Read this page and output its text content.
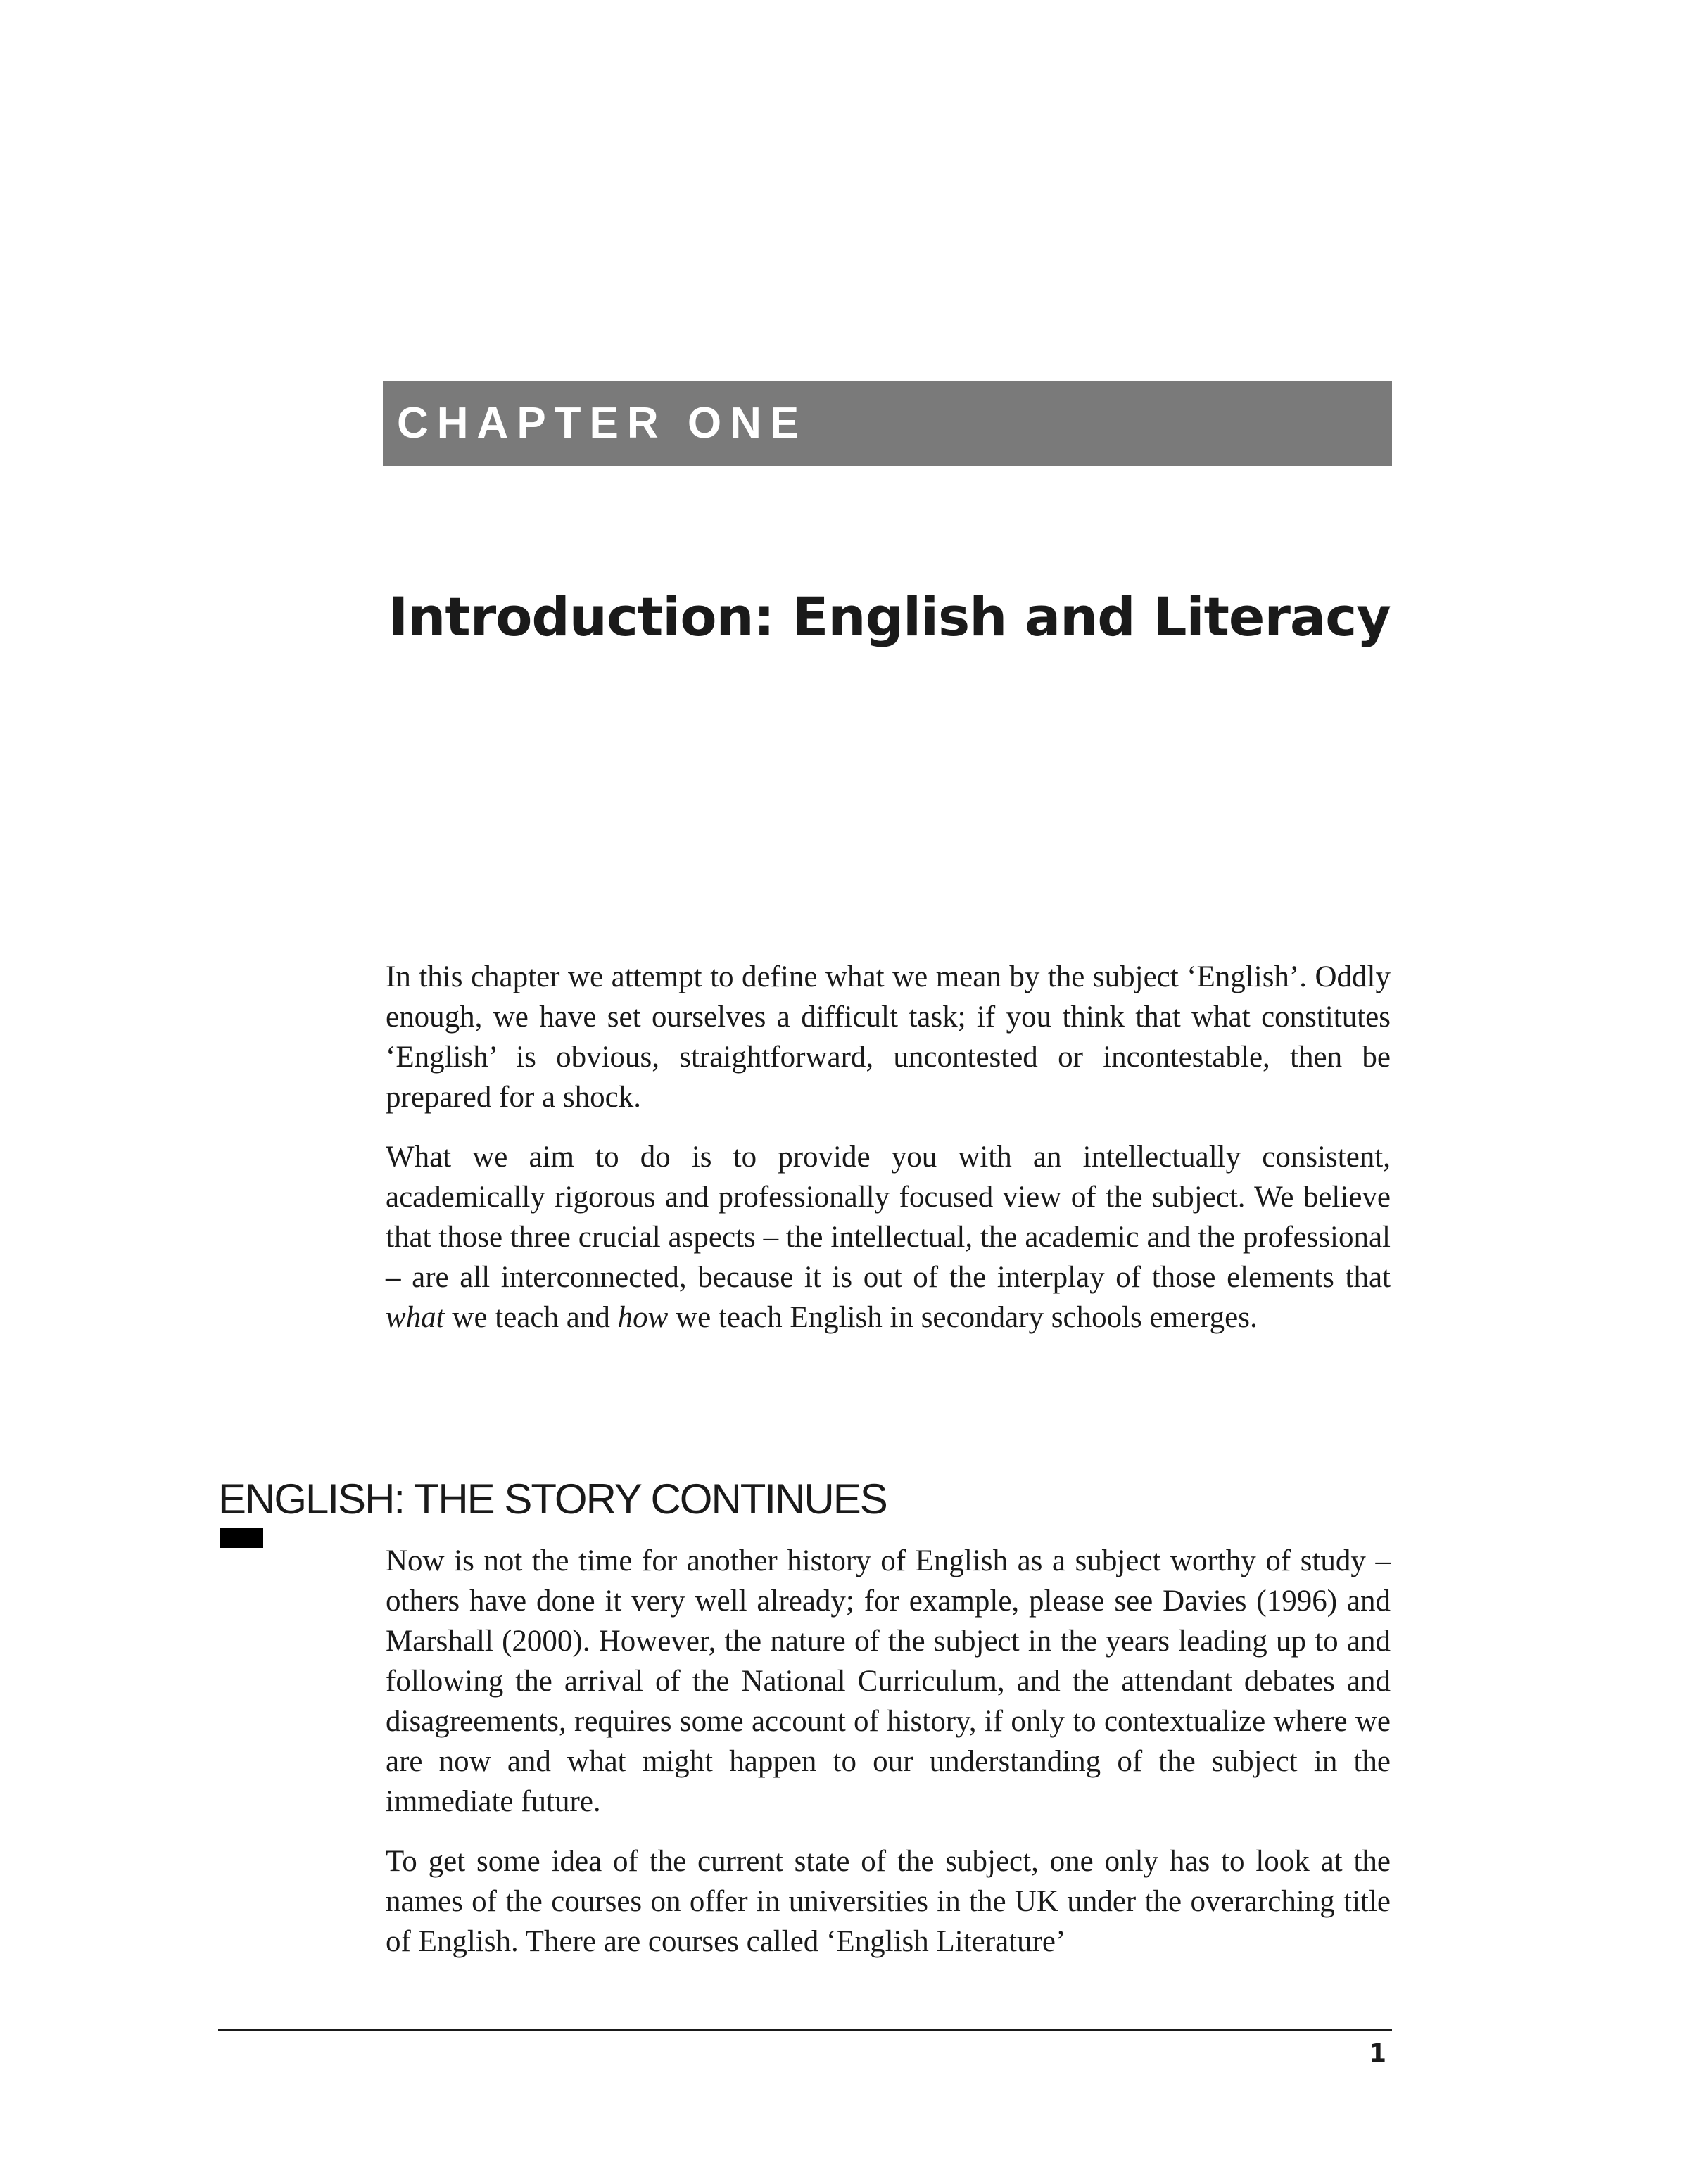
CHAPTER ONE
Introduction: English and Literacy

In this chapter we attempt to define what we mean by the subject ‘English’. Oddly enough, we have set ourselves a difficult task; if you think that what constitutes ‘English’ is obvious, straightforward, uncontested or incontestable, then be prepared for a shock.

What we aim to do is to provide you with an intellectually consistent, academically rigorous and professionally focused view of the subject. We believe that those three crucial aspects – the intellectual, the academic and the professional – are all interconnected, because it is out of the interplay of those elements that what we teach and how we teach English in secondary schools emerges.

ENGLISH: THE STORY CONTINUES

Now is not the time for another history of English as a subject worthy of study – others have done it very well already; for example, please see Davies (1996) and Marshall (2000). However, the nature of the subject in the years leading up to and following the arrival of the National Curriculum, and the attendant debates and disagreements, requires some account of history, if only to contextualize where we are now and what might happen to our understanding of the subject in the immediate future.

To get some idea of the current state of the subject, one only has to look at the names of the courses on offer in universities in the UK under the overarching title of English. There are courses called ‘English Literature’

1
